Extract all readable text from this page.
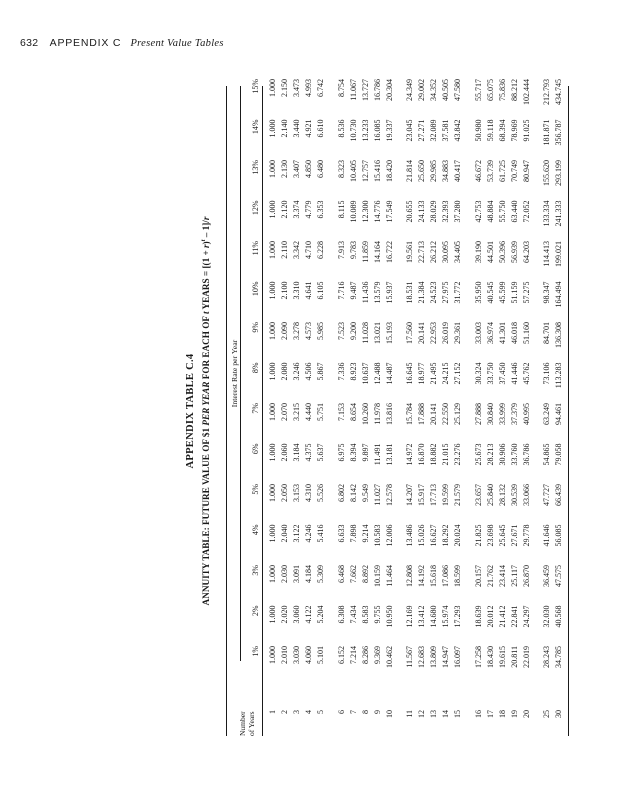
632 APPENDIX C Present Value Tables
APPENDIX TABLE C.4
ANNUITY TABLE: FUTURE VALUE OF $1 PER YEAR FOR EACH OF t YEARS = $[(1 + r)^t - 1]/r$
Interest Rate per Year
Number of Years
1%
2%
3%
4%
5%
6%
7%
8%
9%
10%
11%
12%
13%
14%
15%
1
1.000
1.000
1.000
1.000
1.000
1.000
1.000
1.000
1.000
1.000
1.000
1.000
1.000
1.000
1.000
2
2.010
2.020
2.030
2.040
2.050
2.060
2.070
2.080
2.090
2.100
2.110
2.120
2.130
2.140
2.150
3
3.030
3.060
3.091
3.122
3.153
3.184
3.215
3.246
3.278
3.310
3.342
3.374
3.407
3.440
3.473
4
4.060
4.122
4.184
4.246
4.310
4.375
4.440
4.506
4.573
4.641
4.710
4.779
4.850
4.921
4.993
5
5.101
5.204
5.309
5.416
5.526
5.637
5.751
5.867
5.985
6.105
6.228
6.353
6.480
6.610
6.742
6
6.152
6.308
6.468
6.633
6.802
6.975
7.153
7.336
7.523
7.716
7.913
8.115
8.323
8.536
8.754
7
7.214
7.434
7.662
7.898
8.142
8.394
8.654
8.923
9.200
9.487
9.783
10.089
10.405
10.730
11.067
8
8.286
8.583
8.892
9.214
9.549
9.897
10.260
10.637
11.028
11.436
11.859
12.300
12.757
13.233
13.727
9
9.369
9.755
10.159
10.583
11.027
11.491
11.978
12.488
13.021
13.579
14.164
14.776
15.416
16.085
16.786
10
10.462
10.950
11.464
12.006
12.578
13.181
13.816
14.487
15.193
15.937
16.722
17.549
18.420
19.337
20.304
11
11.567
12.169
12.808
13.486
14.207
14.972
15.784
16.645
17.560
18.531
19.561
20.655
21.814
23.045
24.349
12
12.683
13.412
14.192
15.026
15.917
16.870
17.888
18.977
20.141
21.384
22.713
24.133
25.650
27.271
29.002
13
13.809
14.680
15.618
16.627
17.713
18.882
20.141
21.495
22.953
24.523
26.212
28.029
29.985
32.089
34.352
14
14.947
15.974
17.086
18.292
19.599
21.015
22.550
24.215
26.019
27.975
30.095
32.393
34.883
37.581
40.505
15
16.097
17.293
18.599
20.024
21.579
23.276
25.129
27.152
29.361
31.772
34.405
37.280
40.417
43.842
47.580
16
17.258
18.639
20.157
21.825
23.657
25.673
27.888
30.324
33.003
35.950
39.190
42.753
46.672
50.980
55.717
17
18.430
20.012
21.762
23.698
25.840
28.213
30.840
33.750
36.974
40.545
44.501
48.884
53.739
59.118
65.075
18
19.615
21.412
23.414
25.645
28.132
30.906
33.999
37.450
41.301
45.599
50.396
55.750
61.725
68.394
75.836
19
20.811
22.841
25.117
27.671
30.539
33.760
37.379
41.446
46.018
51.159
56.939
63.440
70.749
78.969
88.212
20
22.019
24.297
26.870
29.778
33.066
36.786
40.995
45.762
51.160
57.275
64.203
72.052
80.947
91.025
102.444
25
28.243
32.030
36.459
41.646
47.727
54.865
63.249
73.106
84.701
98.347
114.413
133.334
155.620
181.871
212.793
30
34.785
40.568
47.575
56.085
66.439
79.058
94.461
113.283
136.308
164.494
199.021
241.333
293.199
356.787
434.745
